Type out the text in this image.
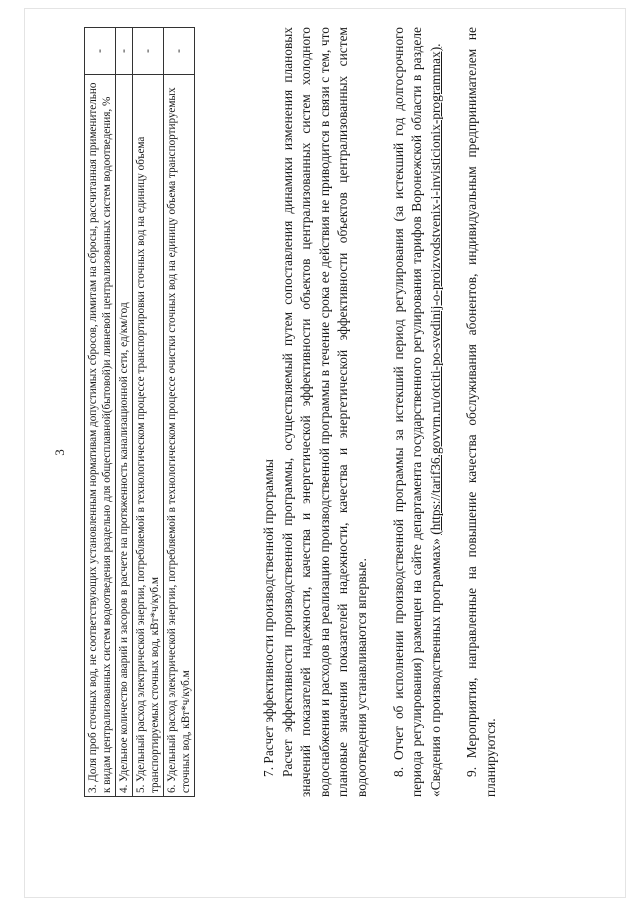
3 3. Доля проб сточных вод, не соответствующих установленным нормативам допустимых сбросов, лимитам на сбросы, рассчитанная применительно к видам централизованных систем водоотведения раздельно для общесплавной(бытовой)и ливневой централизованных систем водоотведения, %	-
4. Удельное количество аварий и засоров в расчете на протяженность канализационной сети, ед/км/год	-
5. Удельный расход электрической энергии, потребляемой в технологическом процессе транспортировки сточных вод на единицу объема транспортируемых сточных вод, кВт*ч/куб.м	-
6. Удельный расход электрической энергии, потребляемой в технологическом процессе очистки сточных вод на единицу объема транспортируемых сточных вод, кВт*ч/куб.м	-

7. Расчет эффективности производственной программы Расчет эффективности производственной программы, осуществляемый путем сопоставления динамики изменения плановых значений показателей надежности, качества и энергетической эффективности объектов централизованных систем холодного водоснабжения и расходов на реализацию производственной программы в течение срока ее действия не приводится в связи с тем, что плановые значения показателей надежности, качества и энергетической эффективности объектов централизованных систем водоотведения устанавливаются впервые. 8. Отчет об исполнении производственной программы за истекший период регулирования (за истекший год долгосрочного периода регулирования) размещен на сайте департамента государственного регулирования тарифов Воронежской области в разделе «Сведения о производственных программах» (https://tarif36.govvrn.ru/otciti-po-svedinij-o-proizvodstvenix-i-invisticionix-programmax). 9. Мероприятия, направленные на повышение качества обслуживания абонентов, индивидуальным предпринимателем не планируются.
